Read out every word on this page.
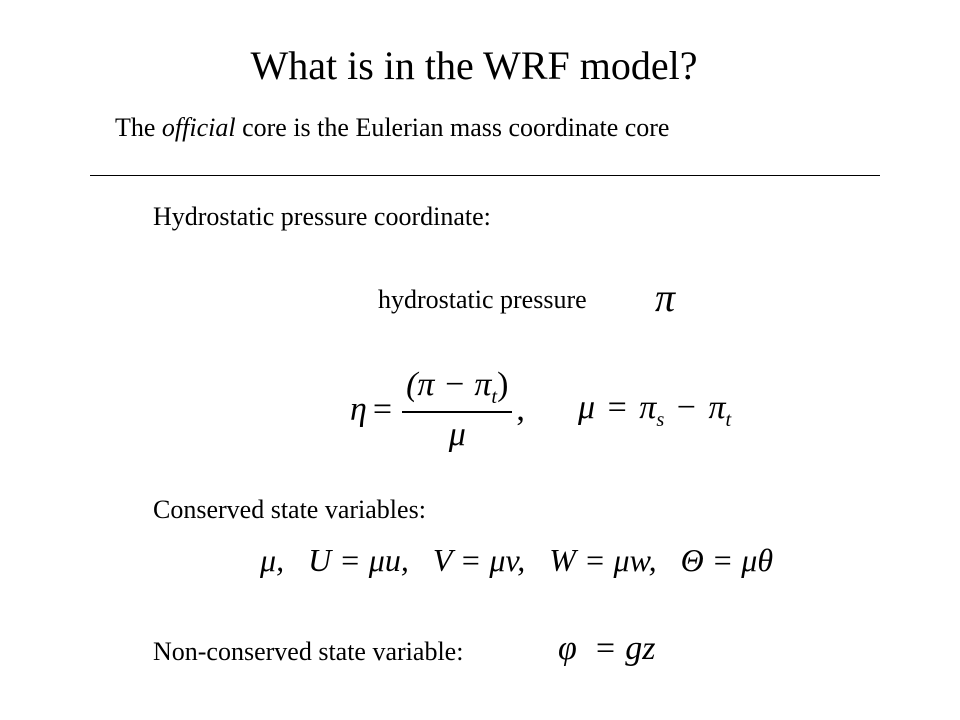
What is in the WRF model?
The official core is the Eulerian mass coordinate core
Hydrostatic pressure coordinate:
hydrostatic pressure π
$\eta = \frac{(\pi - \pi_t)}{\mu}$ , $\mu = \pi_s - \pi_t$
Conserved state variables:
μ,   U = μu,   V = μv,   W = μw,   Θ = μθ
Non-conserved state variable:	φ  = gz
